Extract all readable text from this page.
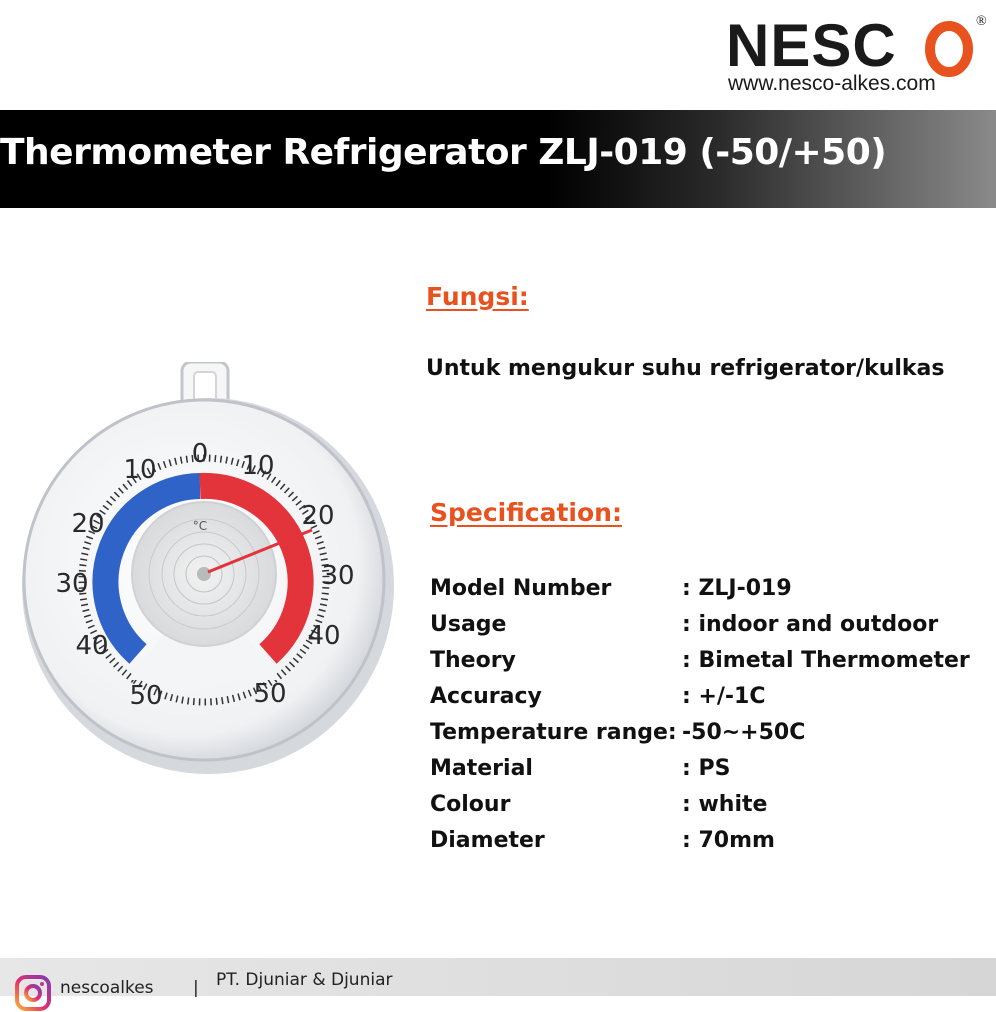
NESC	O
®
www.nesco-alkes.com
Thermometer Refrigerator ZLJ-019 (-50/+50)
0
°C
10
20
30
40
50
10
20
40
50
30
Fungsi:

Untuk mengukur suhu refrigerator/kulkas

Specification:
Model Number	: ZLJ-019
Usage	: indoor and outdoor
Theory	: Bimetal Thermometer
Accuracy	: +/-1C
Temperature range:	-50~+50C
Material	: PS
Colour	: white
Diameter	: 70mm
nescoalkes | PT. Djuniar & Djuniar
